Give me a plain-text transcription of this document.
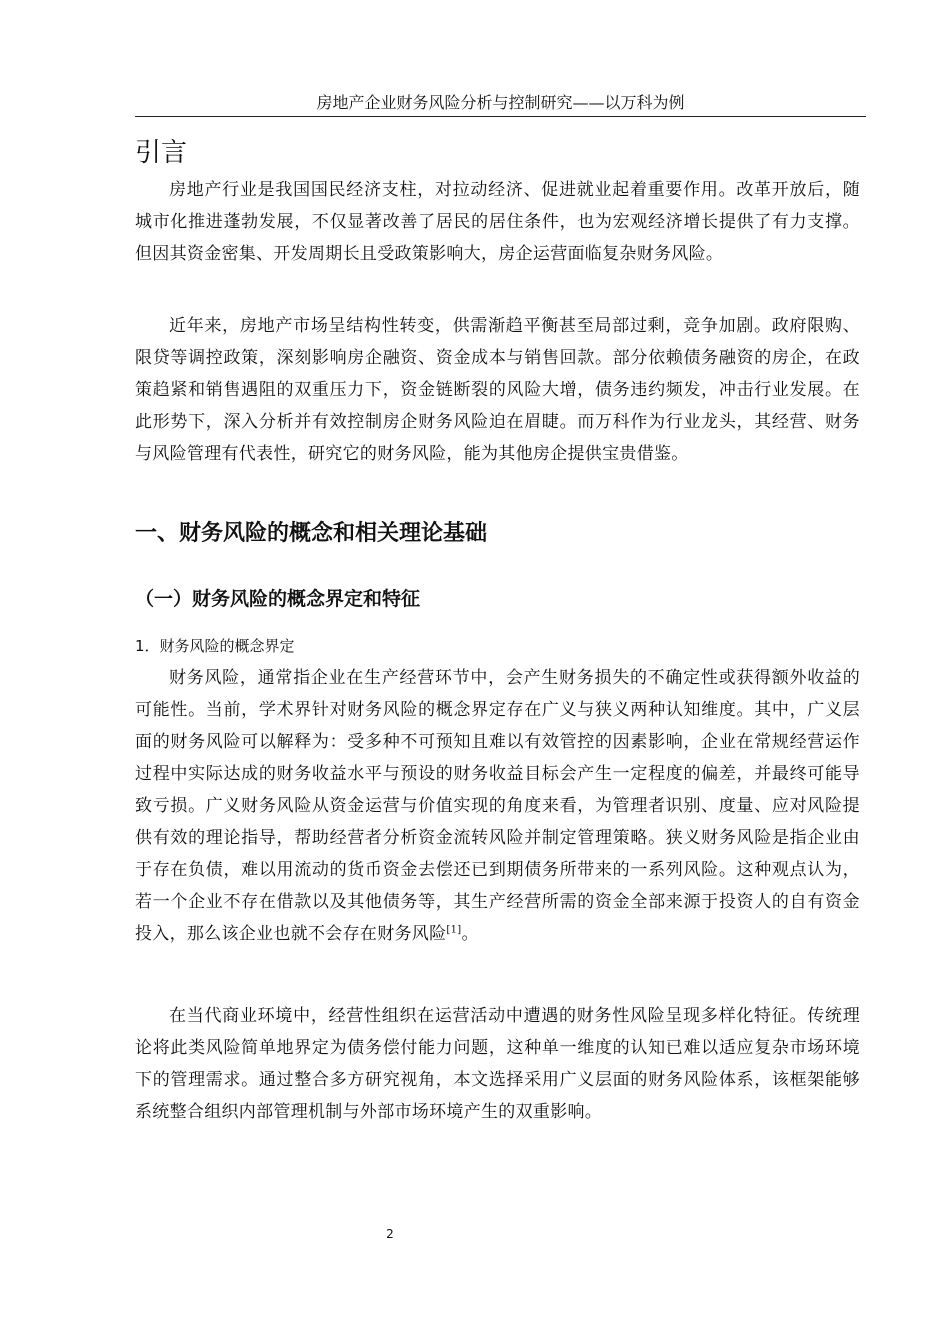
房地产企业财务风险分析与控制研究——以万科为例
引言

房地产行业是我国国民经济支柱，对拉动经济、促进就业起着重要作用。改革开放后，随城市化推进蓬勃发展，不仅显著改善了居民的居住条件，也为宏观经济增长提供了有力支撑。但因其资金密集、开发周期长且受政策影响大，房企运营面临复杂财务风险。

近年来，房地产市场呈结构性转变，供需渐趋平衡甚至局部过剩，竞争加剧。政府限购、限贷等调控政策，深刻影响房企融资、资金成本与销售回款。部分依赖债务融资的房企，在政策趋紧和销售遇阻的双重压力下，资金链断裂的风险大增，债务违约频发，冲击行业发展。在此形势下，深入分析并有效控制房企财务风险迫在眉睫。而万科作为行业龙头，其经营、财务与风险管理有代表性，研究它的财务风险，能为其他房企提供宝贵借鉴。

一、财务风险的概念和相关理论基础
（一）财务风险的概念界定和特征
1．财务风险的概念界定

财务风险，通常指企业在生产经营环节中，会产生财务损失的不确定性或获得额外收益的可能性。当前，学术界针对财务风险的概念界定存在广义与狭义两种认知维度。其中，广义层面的财务风险可以解释为：受多种不可预知且难以有效管控的因素影响，企业在常规经营运作过程中实际达成的财务收益水平与预设的财务收益目标会产生一定程度的偏差，并最终可能导致亏损。广义财务风险从资金运营与价值实现的角度来看，为管理者识别、度量、应对风险提供有效的理论指导，帮助经营者分析资金流转风险并制定管理策略。狭义财务风险是指企业由于存在负债，难以用流动的货币资金去偿还已到期债务所带来的一系列风险。这种观点认为，若一个企业不存在借款以及其他债务等，其生产经营所需的资金全部来源于投资人的自有资金投入，那么该企业也就不会存在财务风险[1]。

在当代商业环境中，经营性组织在运营活动中遭遇的财务性风险呈现多样化特征。传统理论将此类风险简单地界定为债务偿付能力问题，这种单一维度的认知已难以适应复杂市场环境下的管理需求。通过整合多方研究视角，本文选择采用广义层面的财务风险体系，该框架能够系统整合组织内部管理机制与外部市场环境产生的双重影响。

2
